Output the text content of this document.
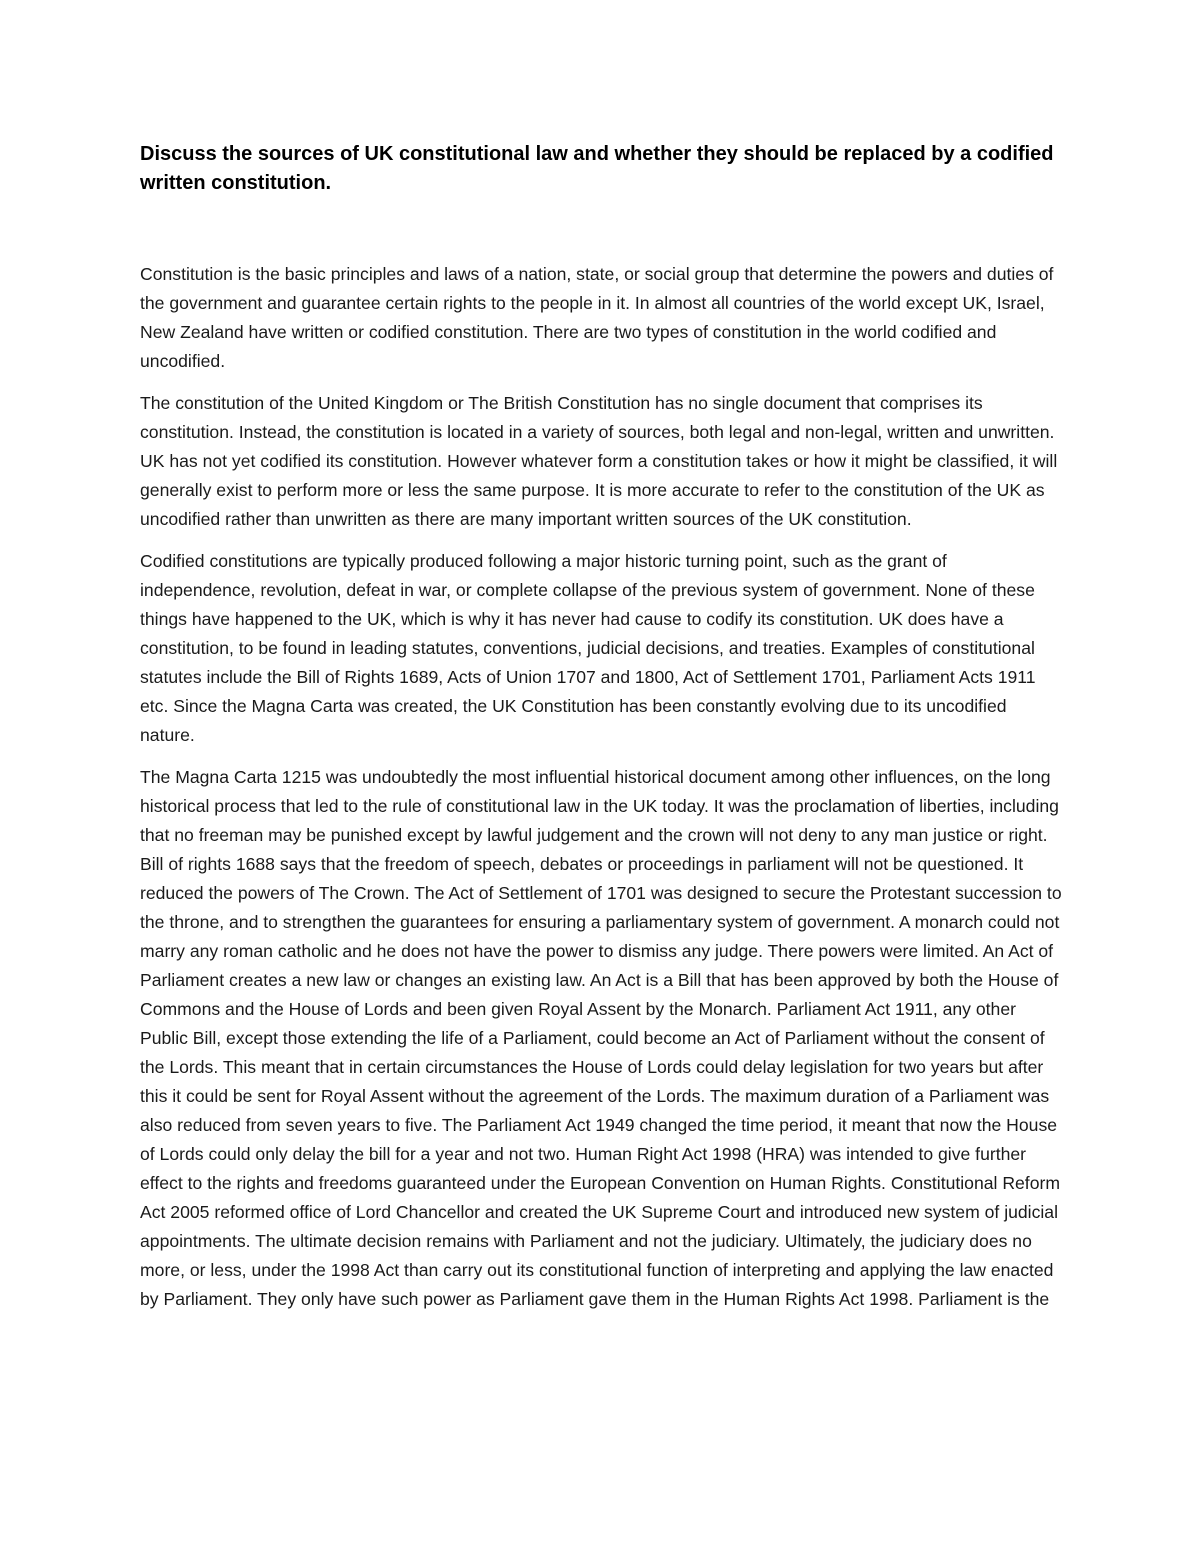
Discuss the sources of UK constitutional law and whether they should be replaced by a codified written constitution.

Constitution is the basic principles and laws of a nation, state, or social group that determine the powers and duties of the government and guarantee certain rights to the people in it. In almost all countries of the world except UK, Israel, New Zealand have written or codified constitution. There are two types of constitution in the world codified and uncodified.

The constitution of the United Kingdom or The British Constitution has no single document that comprises its constitution. Instead, the constitution is located in a variety of sources, both legal and non-legal, written and unwritten. UK has not yet codified its constitution. However whatever form a constitution takes or how it might be classified, it will generally exist to perform more or less the same purpose. It is more accurate to refer to the constitution of the UK as uncodified rather than unwritten as there are many important written sources of the UK constitution.

Codified constitutions are typically produced following a major historic turning point, such as the grant of independence, revolution, defeat in war, or complete collapse of the previous system of government. None of these things have happened to the UK, which is why it has never had cause to codify its constitution. UK does have a constitution, to be found in leading statutes, conventions, judicial decisions, and treaties. Examples of constitutional statutes include the Bill of Rights 1689, Acts of Union 1707 and 1800, Act of Settlement 1701, Parliament Acts 1911 etc. Since the Magna Carta was created, the UK Constitution has been constantly evolving due to its uncodified nature.

The Magna Carta 1215 was undoubtedly the most influential historical document among other influences, on the long historical process that led to the rule of constitutional law in the UK today. It was the proclamation of liberties, including that no freeman may be punished except by lawful judgement and the crown will not deny to any man justice or right. Bill of rights 1688 says that the freedom of speech, debates or proceedings in parliament will not be questioned. It reduced the powers of The Crown. The Act of Settlement of 1701 was designed to secure the Protestant succession to the throne, and to strengthen the guarantees for ensuring a parliamentary system of government. A monarch could not marry any roman catholic and he does not have the power to dismiss any judge. There powers were limited. An Act of Parliament creates a new law or changes an existing law. An Act is a Bill that has been approved by both the House of Commons and the House of Lords and been given Royal Assent by the Monarch. Parliament Act 1911, any other Public Bill, except those extending the life of a Parliament, could become an Act of Parliament without the consent of the Lords. This meant that in certain circumstances the House of Lords could delay legislation for two years but after this it could be sent for Royal Assent without the agreement of the Lords. The maximum duration of a Parliament was also reduced from seven years to five. The Parliament Act 1949 changed the time period, it meant that now the House of Lords could only delay the bill for a year and not two. Human Right Act 1998 (HRA) was intended to give further effect to the rights and freedoms guaranteed under the European Convention on Human Rights. Constitutional Reform Act 2005 reformed office of Lord Chancellor and created the UK Supreme Court and introduced new system of judicial appointments. The ultimate decision remains with Parliament and not the judiciary. Ultimately, the judiciary does no more, or less, under the 1998 Act than carry out its constitutional function of interpreting and applying the law enacted by Parliament. They only have such power as Parliament gave them in the Human Rights Act 1998. Parliament is the
